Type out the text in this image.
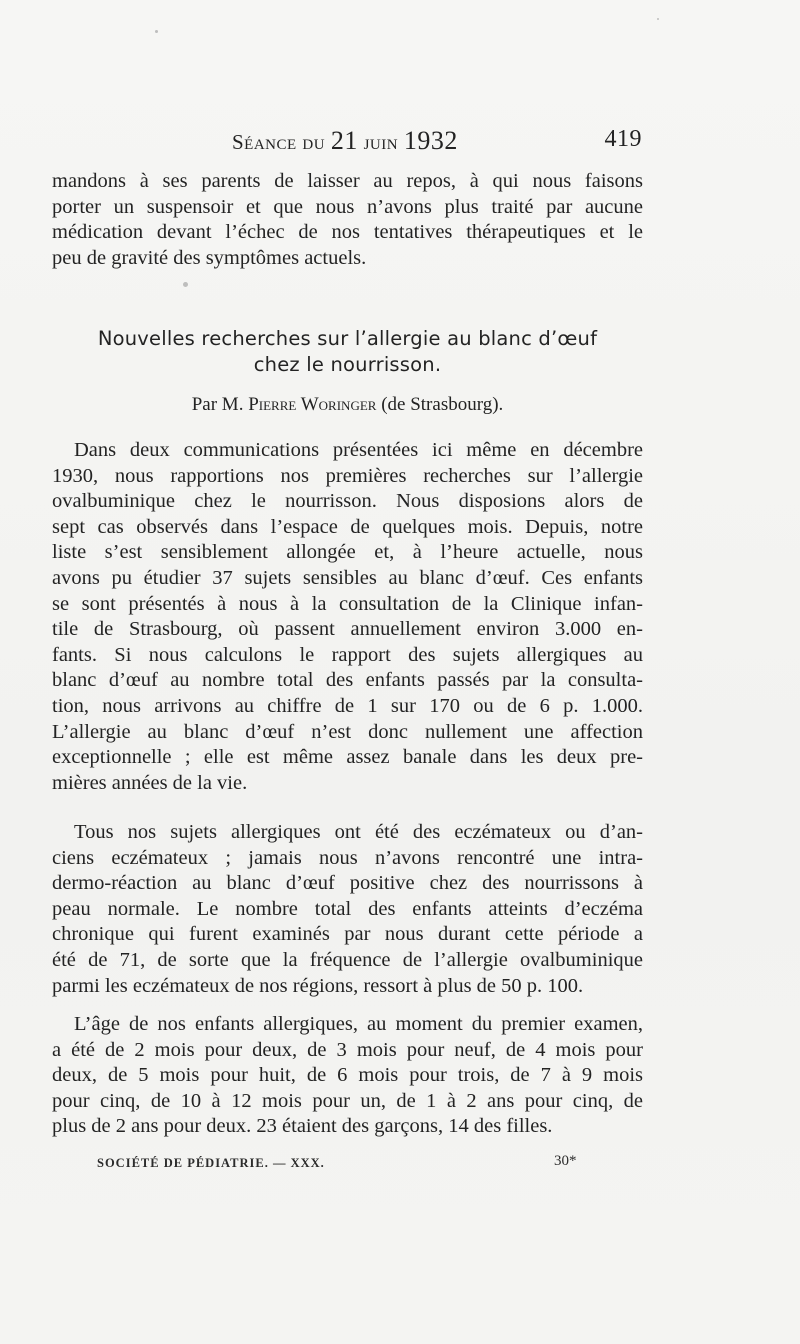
Séance du 21 juin 1932	419
mandons à ses parents de laisser au repos, à qui nous faisons
porter un suspensoir et que nous n’avons plus traité par aucune
médication devant l’échec de nos tentatives thérapeutiques et le
peu de gravité des symptômes actuels.
Nouvelles recherches sur l’allergie au blanc d’œuf
chez le nourrisson.
Par M. Pierre Woringer (de Strasbourg).
Dans deux communications présentées ici même en décembre
1930, nous rapportions nos premières recherches sur l’allergie
ovalbuminique chez le nourrisson. Nous disposions alors de
sept cas observés dans l’espace de quelques mois. Depuis, notre
liste s’est sensiblement allongée et, à l’heure actuelle, nous
avons pu étudier 37 sujets sensibles au blanc d’œuf. Ces enfants
se sont présentés à nous à la consultation de la Clinique infan-
tile de Strasbourg, où passent annuellement environ 3.000 en-
fants. Si nous calculons le rapport des sujets allergiques au
blanc d’œuf au nombre total des enfants passés par la consulta-
tion, nous arrivons au chiffre de 1 sur 170 ou de 6 p. 1.000.
L’allergie au blanc d’œuf n’est donc nullement une affection
exceptionnelle ; elle est même assez banale dans les deux pre-
mières années de la vie.
Tous nos sujets allergiques ont été des eczémateux ou d’an-
ciens eczémateux ; jamais nous n’avons rencontré une intra-
dermo-réaction au blanc d’œuf positive chez des nourrissons à
peau normale. Le nombre total des enfants atteints d’eczéma
chronique qui furent examinés par nous durant cette période a
été de 71, de sorte que la fréquence de l’allergie ovalbuminique
parmi les eczémateux de nos régions, ressort à plus de 50 p. 100.
L’âge de nos enfants allergiques, au moment du premier examen,
a été de 2 mois pour deux, de 3 mois pour neuf, de 4 mois pour
deux, de 5 mois pour huit, de 6 mois pour trois, de 7 à 9 mois
pour cinq, de 10 à 12 mois pour un, de 1 à 2 ans pour cinq, de
plus de 2 ans pour deux. 23 étaient des garçons, 14 des filles.
SOCIÉTÉ DE PÉDIATRIE. — XXX.	30*
